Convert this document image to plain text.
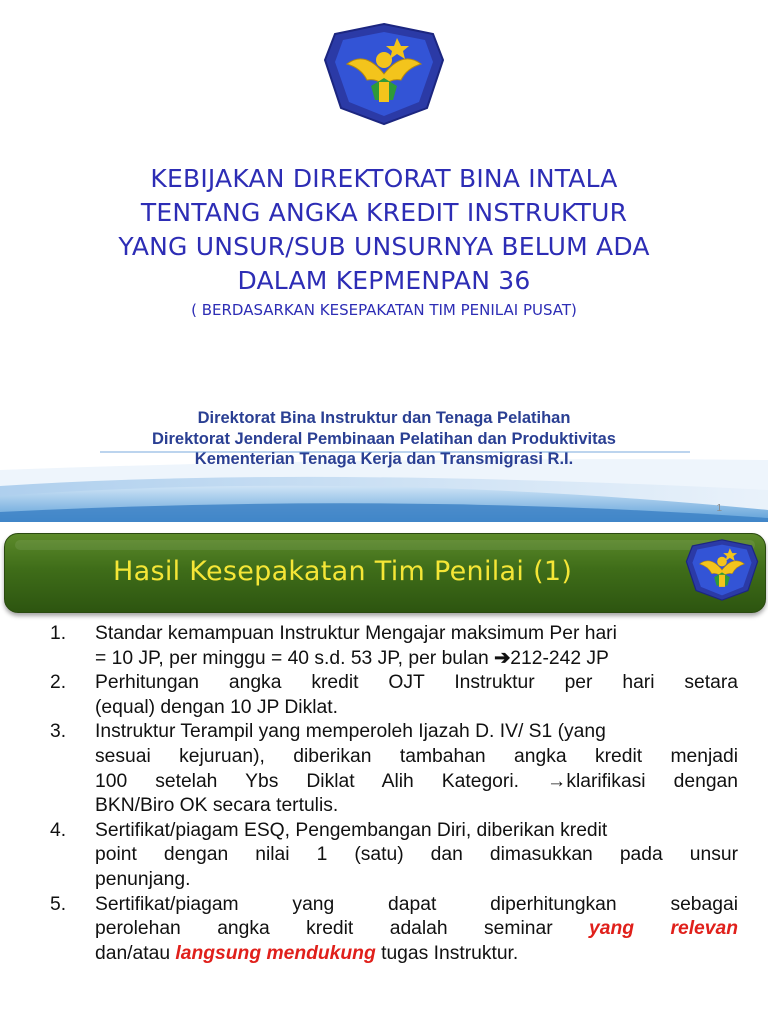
KEBIJAKAN DIREKTORAT BINA INTALA
TENTANG ANGKA KREDIT INSTRUKTUR
YANG UNSUR/SUB UNSURNYA BELUM ADA
DALAM KEPMENPAN 36
( BERDASARKAN KESEPAKATAN TIM PENILAI PUSAT)
Direktorat Bina Instruktur dan Tenaga Pelatihan
Direktorat Jenderal Pembinaan Pelatihan dan Produktivitas
Kementerian Tenaga Kerja dan Transmigrasi R.I.
1
Hasil Kesepakatan Tim Penilai (1)
1. Standar kemampuan Instruktur Mengajar maksimum Per hari
= 10 JP, per minggu = 40 s.d. 53 JP, per bulan ➔212-242 JP
2. Perhitungan angka kredit OJT Instruktur per hari setara
(equal) dengan 10 JP Diklat.
3. Instruktur Terampil yang memperoleh Ijazah D. IV/ S1 (yang
sesuai kejuruan), diberikan tambahan angka kredit menjadi
100 setelah Ybs Diklat Alih Kategori. →klarifikasi dengan
BKN/Biro OK secara tertulis.
4. Sertifikat/piagam ESQ, Pengembangan Diri, diberikan kredit
point dengan nilai 1 (satu) dan dimasukkan pada unsur
penunjang.
5. Sertifikat/piagam yang dapat diperhitungkan sebagai
perolehan angka kredit adalah seminar yang relevan
dan/atau langsung mendukung tugas Instruktur.
